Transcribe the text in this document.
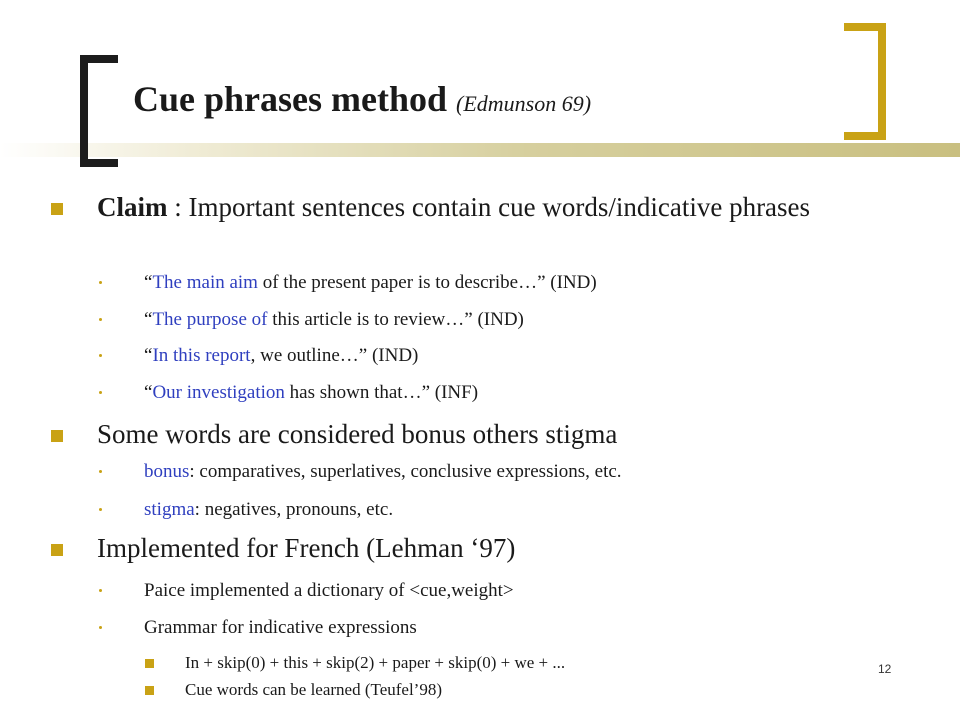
Cue phrases method (Edmunson 69)
Claim : Important sentences contain cue words/indicative phrases
“The main aim of the present paper is to describe…” (IND)
“The purpose of this article is to review…” (IND)
“In this report, we outline…” (IND)
“Our investigation has shown that…” (INF)
Some words are considered bonus others stigma
bonus: comparatives, superlatives, conclusive expressions, etc.
stigma: negatives, pronouns, etc.
Implemented for French (Lehman ‘97)
Paice implemented a dictionary of <cue,weight>
Grammar for indicative expressions
In + skip(0) + this + skip(2) + paper + skip(0) + we + ...
Cue words can be learned (Teufel’98)
12
